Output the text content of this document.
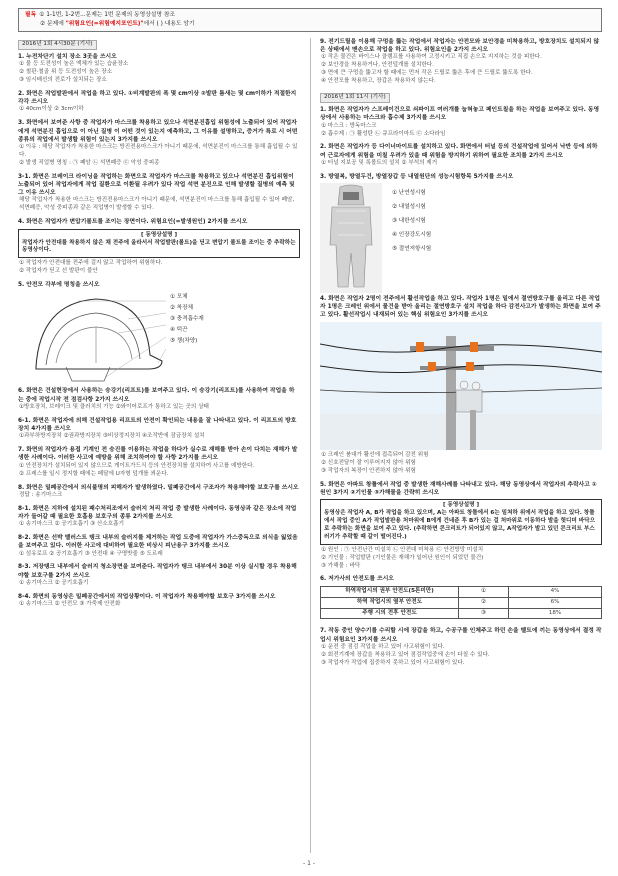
필독 ① 1-1번, 1-2번...문제는 1번 문제의 동영상설명 참조
② 문제에 "위험요인(=위험예지포인트)"에서 ( ) 내용도 암기
2016년 1회 4시30분 (기사)
1. 누전차단기 설치 장소 3곳을 쓰시오
① 물 등 도전성이 높은 액체가 있는 습윤장소
② 철판·철골 위 등 도전성이 높은 장소
③ 임시배선의 전로가 설치되는 장소
2. 화면은 작업발판에서 작업을 하고 있다. ①비계발판의 폭 몇 cm이상 ②발판 틈새는 몇 cm이하가 적절한지 각각 쓰시오
① 40cm이상 ② 3cm이하
3. 화면에서 보여준 사항 중 작업자가 마스크를 착용하고 있으나 석면분진흡입 위험성에 노출되어 있어 작업자에게 석면분진 흡입으로 이 아닌 질병 이 어떤 것이 있는지 예측하고, 그 이유를 설명하고, 증거가 특로 시 어떤 종류의 작업에서 발생할 위험이 있는지 3가지를 쓰시오
① 이유 : 해당 작업자가 착용한 마스크는 방진전용마스크가 아니기 때문에, 석면분진이 마스크를 통해 흡입될 수 있다.
② 발생 직업병 명칭 : ㉠ 폐암 ㉡ 석면폐증 ㉢ 악성 중피종
3-1. 화면은 브레이크 라이닝을 작업하는 화면으로 작업자가 마스크를 착용하고 있으나 석면분진 흡입위험이 노출되어 있어 작업자에게 작업 질환으로 이환될 우려가 있다 작업 석면 분진으로 인해 발생할 질병의 예측 및 그 이유 쓰시오
해당 작업자가 착용한 마스크는 방진전용마스크가 아니기 때문에, 석면분진이 마스크를 통해 흡입될 수 있어 폐암, 석면폐증, 악성 중피종과 같은 직업병이 발생할 수 있다.
4. 화면은 작업자가 변압기볼트를 조이는 장면이다. 위험요인(=발생원인) 2가지를 쓰시오
[ 동영상설명 ]
작업자가 안전대를 착용하지 않은 채 전주에 올라서서 작업발판(볼트)을 딛고 변압기 볼트를 조이는 중 추락하는 동영상이다.
① 작업자가 안전대를 전주에 걸지 않고 작업하여 위험하다.
② 작업자가 딛고 선 발판이 불안
5. 안전모 각부에 명칭을 쓰시오
① 모체
② 착장체
③ 충격흡수재
④ 턱끈
⑤ 챙(차양)
6. 화면은 건설현장에서 사용하는 승강기(리프트)를 보여주고 있다. 이 승강기(리프트)를 사용하여 작업을 하는 중에 작업시작 전 점검사항 2가지 쓰시오
①방호장치, 브레이크 및 클러치의 기능 ②와이어로프가 통하고 있는 곳의 상태
6-1. 화면은 작업자에 의해 건설작업용 리프트의 안전이 확인되는 내용을 잘 나타내고 있다. 이 리프트의 방호장치 4가지를 쓰시오
①과부하방지장치 ②권과방지장치 ③비상정지장치 ④조작반에 잠금장치 설치
7. 화면의 작업자가 용접 기계인 전 승진를 이용하는 작업을 하다가 실수로 재해를 받아 손이 다치는 재해가 발생한 사례이다. 이러한 사고에 예방을 위해 조치하여야 할 사항 2가지를 쓰시오
① 안전장치가 설치되어 있지 않으므로 게이트가드식 등의 안전장치를 설치하여 사고를 예방한다.
② 프레스를 일시 정지할 때에는 페달에 U자형 덮개를 씌운다.
8. 화면은 밀폐공간에서 의식불명의 피해자가 발생하였다. 밀폐공간에서 구조자가 착용해야할 보호구를 쓰시오
정답 : 송기마스크
8-1. 화면은 지하에 설치된 패수처리조에서 슬러지 처리 작업 중 발생한 사례이다. 동영상과 같은 장소에 작업자가 들어갈 때 필요한 호흡용 보호구의 종류 2가지를 쓰시오
① 송기마스크 ② 공기호흡기 ③ 산소호흡기
8-2. 화면은 선박 밸러스트 탱크 내부의 슬러지를 제거하는 작업 도중에 작업자가 가스중독으로 의식을 잃었음을 보여주고 있다. 이러한 사고에 대비하여 필요한 비상시 피난용구 3가지를 쓰시오
① 섬유로프 ② 공기호흡기 ③ 안전대 ④ 구명밧줄 ⑤ 도르래
8-3. 저장탱크 내부에서 슬러지 청소장면을 보여준다. 작업자가 탱크 내부에서 30분 이상 실시할 경우 착용해야할 보호구를 2가지 쓰시오
① 송기마스크 ② 공기호흡기
8-4. 화면의 동영상은 밀폐공간에서의 작업상황이다. 이 작업자가 착용해야할 보호구 3가지를 쓰시오
① 송기마스크 ② 안전모 ③ 가죽제 안전화
9. 전기드릴을 이용해 구멍을 뚫는 작업에서 작업자는 안전모와 보안경을 미착용하고, 방호장치도 설치되지 않은 상태에서 맨손으로 작업을 하고 있다. 위험요인을 2가지 쓰시오
① 작은 물건은 바이스나 클램프를 사용하여 고정시키고 직접 손으로 지지하는 것을 피한다.
② 보안경을 착용하거나, 안전덮개를 설치한다.
③ 면에 큰 구멍을 뚫고자 할 때에는 먼저 작은 드릴로 뚫은 후에 큰 드릴로 뚫도록 한다.
④ 안전모를 착용하고, 장갑은 착용하지 않는다.
2016년 1회 11시 (기사)
1. 화면은 작업자가 스프레이건으로 쇠파이프 여러개를 눕혀놓고 페인트칠을 하는 작업을 보여주고 있다. 동영상에서 사용하는 마스크와 흡수제 3가지를 쓰시오
① 마스크 : 방독마스크
② 흡수제 : ㉠ 활성탄 ㉡ 큐프라이마트 ㉢ 소다라임
2. 화면은 작업자가 등 다이너마이트를 설치하고 있다. 화면에서 터널 등의 건설작업에 있어서 낙반 등에 의하여 근로자에게 위험을 미칠 우려가 있을 때 위험을 방지하기 위하여 필요한 조치를 2가지 쓰시오
① 터널 지보공 및 록볼트의 설치 ② 부석의 제거
3. 방열복, 방열두건, 방열장갑 등 내열원단의 성능시험항목 5가지를 쓰시오
① 난연성시험
② 내열성시험
③ 내한성시험
④ 인장강도시험
⑤ 절연저항시험
4. 화면은 작업자 2명이 전주에서 활선작업을 하고 있다. 작업자 1명은 밑에서 절연방호구를 올리고 다른 작업자 1명은 크레인 위에서 물건을 받아 올리는 절연방호구 설치 작업을 하다 감전사고가 발생하는 화면을 보여 주고 있다. 활선작업시 내재되어 있는 핵심 위험요인 3가지를 쓰시오
① 크레인 붐대가 활선에 접촉되어 감전 위험
② 신호전달이 잘 이루어지지 않아 위험
③ 작업자의 복장이 안전하지 않아 위험
5. 화면은 아파트 창틀에서 작업 중 발생한 재해사례를 나타내고 있다. 해당 동영상에서 작업자의 추락사고 ①원인 3가지 ②기인물 ③가해물을 간략히 쓰시오
[ 동영상설명 ]
동영상은 작업자 A, B가 작업을 하고 있으며, A는 아파트 창틀에서 6는 밑쳐하 위에서 작업을 하고 있다. 창틀에서 작업 중인 A가 작업발판용 처마위에 B에게 건네준 후 B가 있는 걸 처마위로 이동하다 발을 헛디뎌 바닥으로 추락하는 화면을 보여 주고 있다. (추락하면 콘크리트가 되어있지 않고, A작업자가 발고 있던 콘크리트 부스러기가 추락할 때 같이 떨어진다.)
① 원인 : ㉠ 안전난간 미설치 ㉡ 안전대 미착용 ㉢ 안전방망 미설치
② 기인물 : 작업발판 (기인물은 재해가 일어난 원인이 되었던 물건)
③ 가해물 : 바닥
6. 저가사의 안전도를 쓰시오
하역작업시의 권부 안전도(5톤미만)	①	4%
하역 작업시의 옆부 안전도	②	6%
주행 시의 전후 안전도	③	18%
7. 작동 중인 양수기를 수리할 시에 장갑을 하고, 수공구를 인체주고 하던 손을 벨트에 끼는 동영상에서 결정 작업시 위험요인 3가지를 쓰시오
① 운전 중 점검 작업을 하고 있어 사고위험이 있다.
② 회전기계에 장갑을 착용하고 있어 점검작업중에 손이 다칠 수 있다.
③ 작업자가 작업에 집중하지 못하고 있어 사고위험이 있다.
- 1 -
